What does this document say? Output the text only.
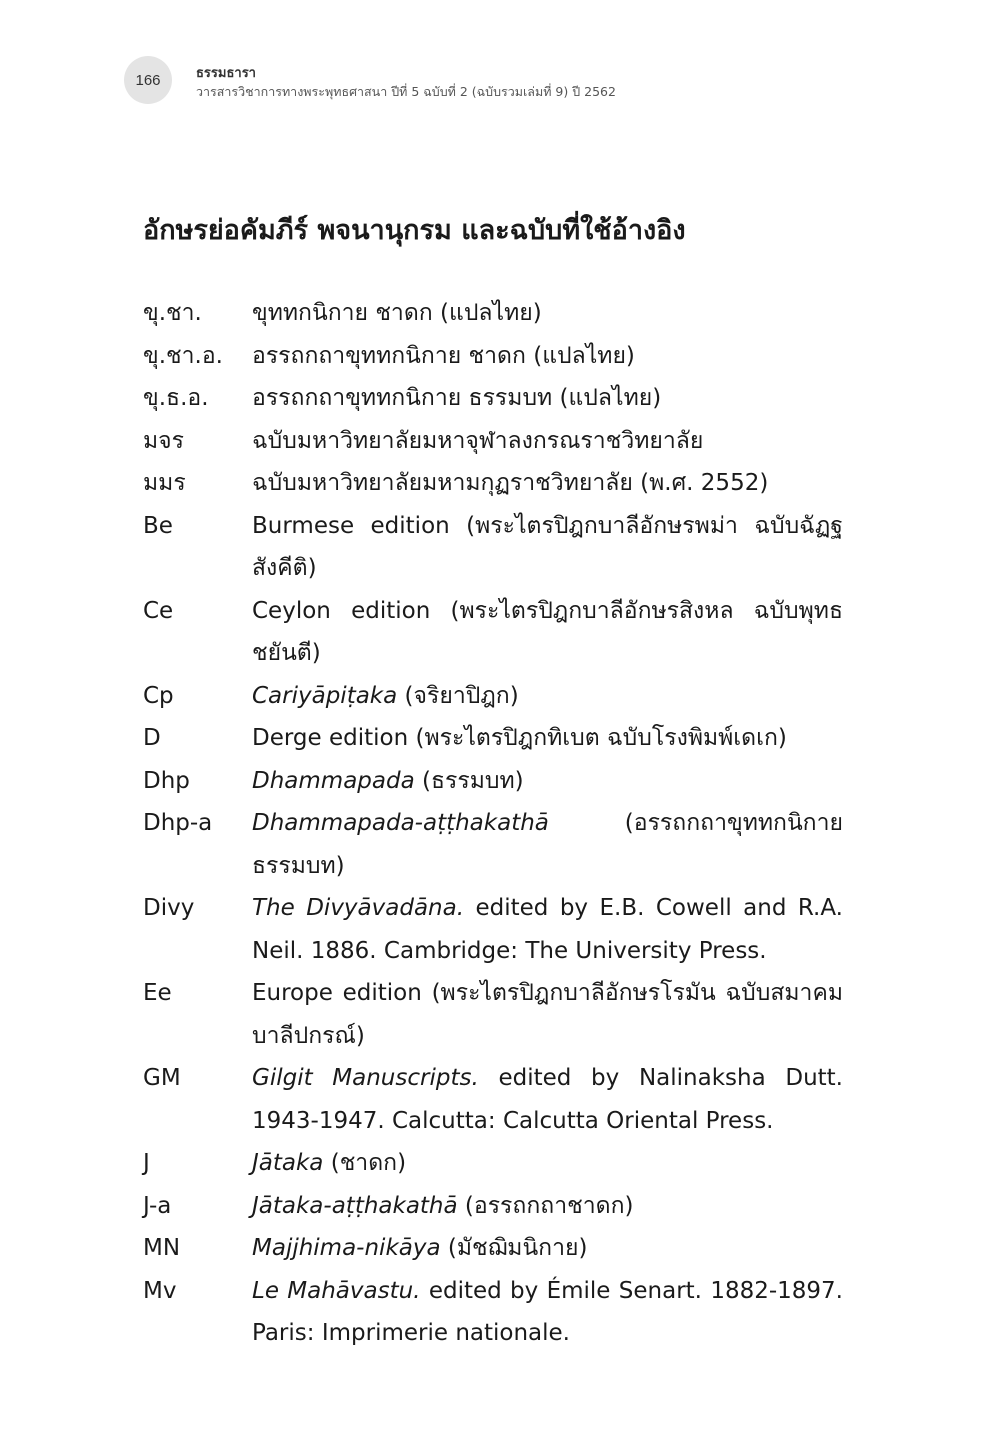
166	ธรรมธารา
วารสารวิชาการทางพระพุทธศาสนา ปีที่ 5 ฉบับที่ 2 (ฉบับรวมเล่มที่ 9) ปี 2562
อักษรย่อคัมภีร์ พจนานุกรม และฉบับที่ใช้อ้างอิง
ขุ.ชา.	ขุททกนิกาย ชาดก (แปลไทย)
ขุ.ชา.อ.	อรรถกถาขุททกนิกาย ชาดก (แปลไทย)
ขุ.ธ.อ.	อรรถกถาขุททกนิกาย ธรรมบท (แปลไทย)
มจร	ฉบับมหาวิทยาลัยมหาจุฬาลงกรณราชวิทยาลัย
มมร	ฉบับมหาวิทยาลัยมหามกุฏราชวิทยาลัย (พ.ศ. 2552)
Be	Burmese edition (พระไตรปิฎกบาลีอักษรพม่า ฉบับฉัฏฐสังคีติ)
Ce	Ceylon edition (พระไตรปิฎกบาลีอักษรสิงหล ฉบับพุทธชยันตี)
Cp	Cariyāpiṭaka (จริยาปิฎก)
D	Derge edition (พระไตรปิฎกทิเบต ฉบับโรงพิมพ์เดเก)
Dhp	Dhammapada (ธรรมบท)
Dhp-a	Dhammapada-aṭṭhakathā (อรรถกถาขุททกนิกาย ธรรมบท)
Divy	The Divyāvadāna. edited by E.B. Cowell and R.A. Neil. 1886. Cambridge: The University Press.
Ee	Europe edition (พระไตรปิฎกบาลีอักษรโรมัน ฉบับสมาคมบาลีปกรณ์)
GM	Gilgit Manuscripts. edited by Nalinaksha Dutt. 1943-1947. Calcutta: Calcutta Oriental Press.
J	Jātaka (ชาดก)
J-a	Jātaka-aṭṭhakathā (อรรถกถาชาดก)
MN	Majjhima-nikāya (มัชฌิมนิกาย)
Mv	Le Mahāvastu. edited by Émile Senart. 1882-1897. Paris: Imprimerie nationale.
